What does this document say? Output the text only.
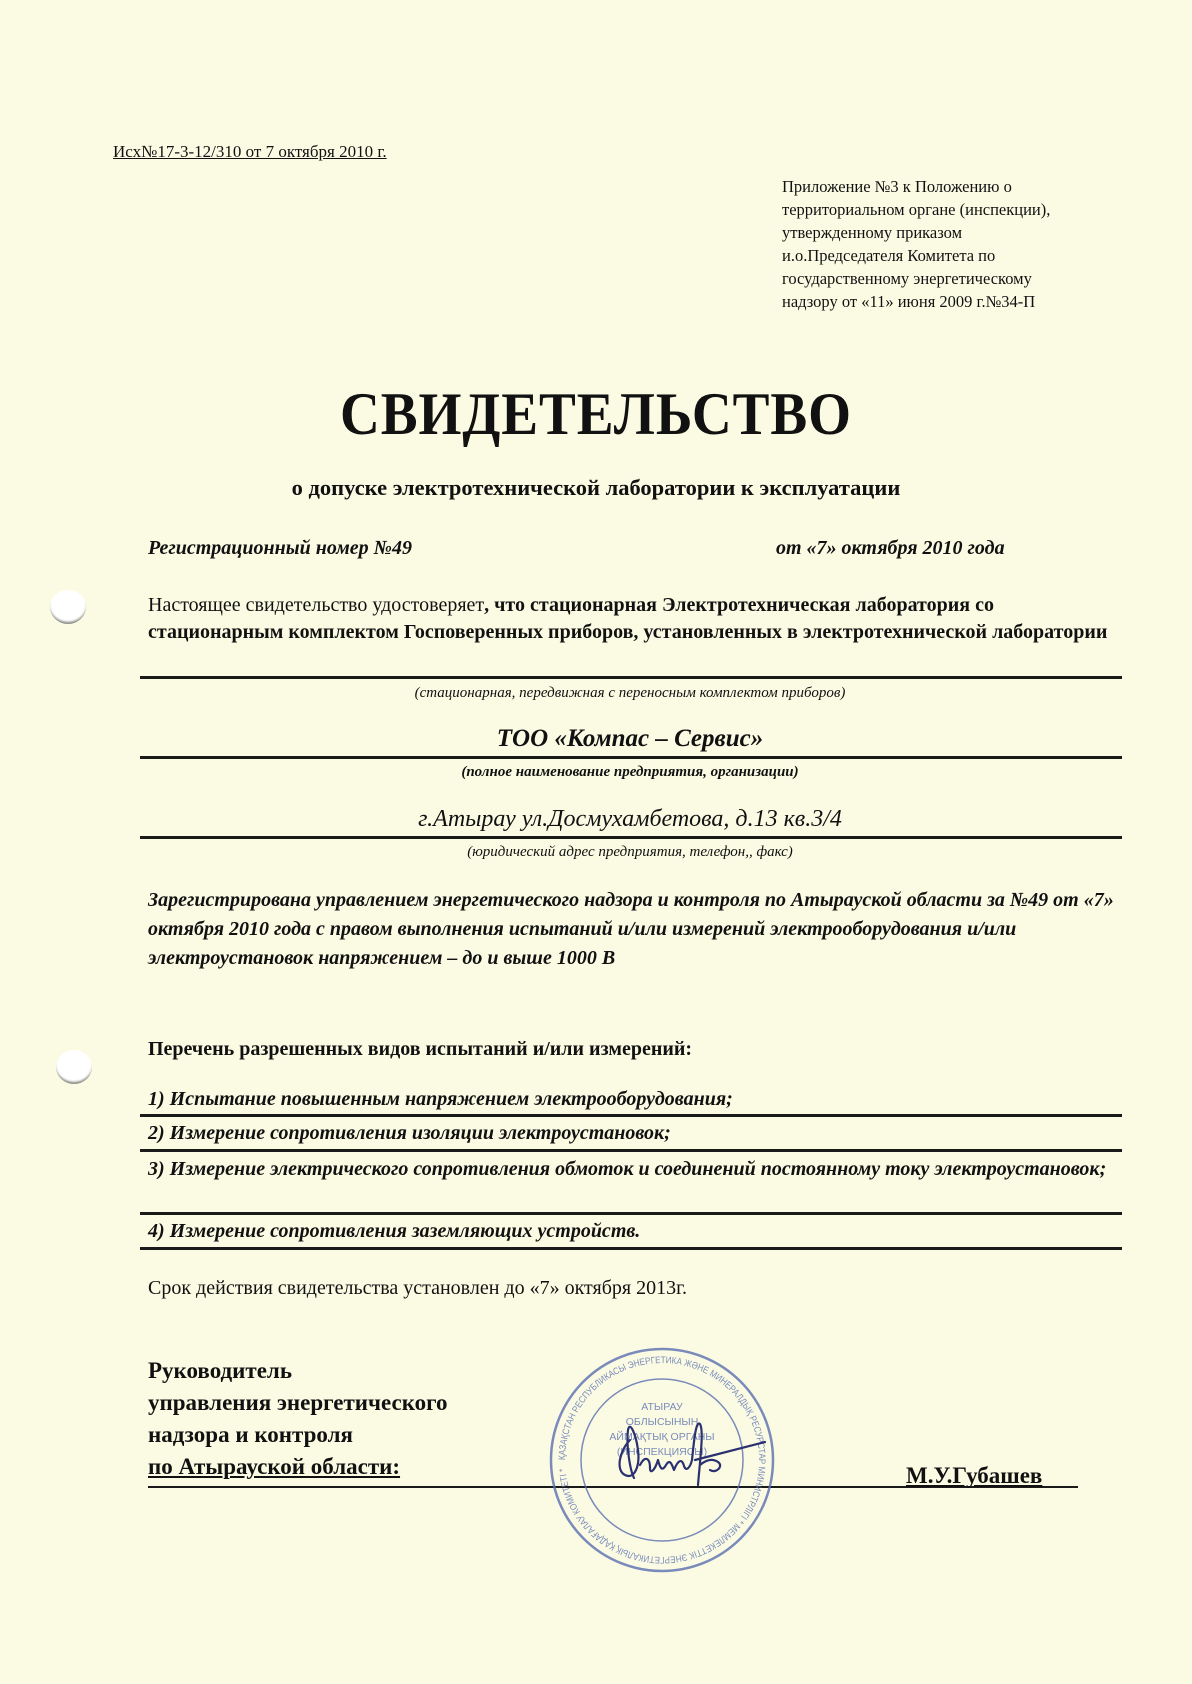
Исх№17-3-12/310 от 7 октября 2010 г.
Приложение №3 к Положению о
территориальном органе (инспекции),
утвержденному приказом
и.о.Председателя Комитета по
государственному энергетическому
надзору от «11» июня 2009 г.№34-П
СВИДЕТЕЛЬСТВО
о допуске электротехнической лаборатории к эксплуатации
Регистрационный номер №49	от «7» октября 2010 года
Настоящее свидетельство удостоверяет, что стационарная Электротехническая лаборатория со стационарным комплектом Госповеренных приборов, установленных в электротехнической лаборатории
(стационарная, передвижная с переносным комплектом приборов)
ТОО «Компас – Сервис»
(полное наименование предприятия, организации)
г.Атырау ул.Досмухамбетова, д.13 кв.3/4
(юридический адрес предприятия, телефон,, факс)
Зарегистрирована управлением энергетического надзора и контроля по Атырауской области за №49 от «7» октября 2010 года с правом выполнения испытаний и/или измерений электрооборудования и/или электроустановок напряжением – до и выше 1000 В
Перечень разрешенных видов испытаний и/или измерений:
1) Испытание повышенным напряжением электрооборудования;
2) Измерение сопротивления изоляции электроустановок;
3) Измерение электрического сопротивления обмоток и соединений постоянному току электроустановок;
4) Измерение сопротивления заземляющих устройств.
Срок действия свидетельства установлен до «7» октября 2013г.
Руководитель
управления энергетического
надзора и контроля
по Атырауской области:	ҚАЗАҚСТАН РЕСПУБЛИКАСЫ ЭНЕРГЕТИКА ЖӘНЕ МИНЕРАЛДЫҚ РЕСУРСТАР МИНИСТРЛІГІ * МЕМЛЕКЕТТІК ЭНЕРГЕТИКАЛЫҚ ҚАДАҒАЛАУ КОМИТЕТІ *
АТЫРАУ ОБЛЫСЫНЫҢ АЙМАҚТЫҚ ОРГАНЫ (ИНСПЕКЦИЯСЫ)
М.У.Губашев
